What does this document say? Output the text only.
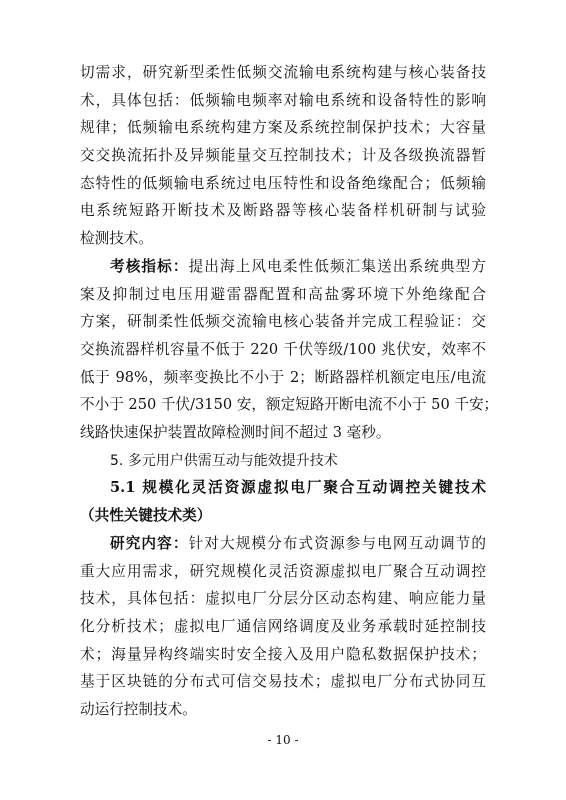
切需求，研究新型柔性低频交流输电系统构建与核心装备技
术，具体包括：低频输电频率对输电系统和设备特性的影响
规律；低频输电系统构建方案及系统控制保护技术；大容量
交交换流拓扑及异频能量交互控制技术；计及各级换流器暂
态特性的低频输电系统过电压特性和设备绝缘配合；低频输
电系统短路开断技术及断路器等核心装备样机研制与试验
检测技术。
考核指标：提出海上风电柔性低频汇集送出系统典型方
案及抑制过电压用避雷器配置和高盐雾环境下外绝缘配合
方案，研制柔性低频交流输电核心装备并完成工程验证：交
交换流器样机容量不低于 220 千伏等级/100 兆伏安，效率不
低于 98%，频率变换比不小于 2；断路器样机额定电压/电流
不小于 250 千伏/3150 安，额定短路开断电流不小于 50 千安；
线路快速保护装置故障检测时间不超过 3 毫秒。
5. 多元用户供需互动与能效提升技术
5.1 规模化灵活资源虚拟电厂聚合互动调控关键技术
（共性关键技术类）
研究内容：针对大规模分布式资源参与电网互动调节的
重大应用需求，研究规模化灵活资源虚拟电厂聚合互动调控
技术，具体包括：虚拟电厂分层分区动态构建、响应能力量
化分析技术；虚拟电厂通信网络调度及业务承载时延控制技
术；海量异构终端实时安全接入及用户隐私数据保护技术；
基于区块链的分布式可信交易技术；虚拟电厂分布式协同互
动运行控制技术。
- 10 -
